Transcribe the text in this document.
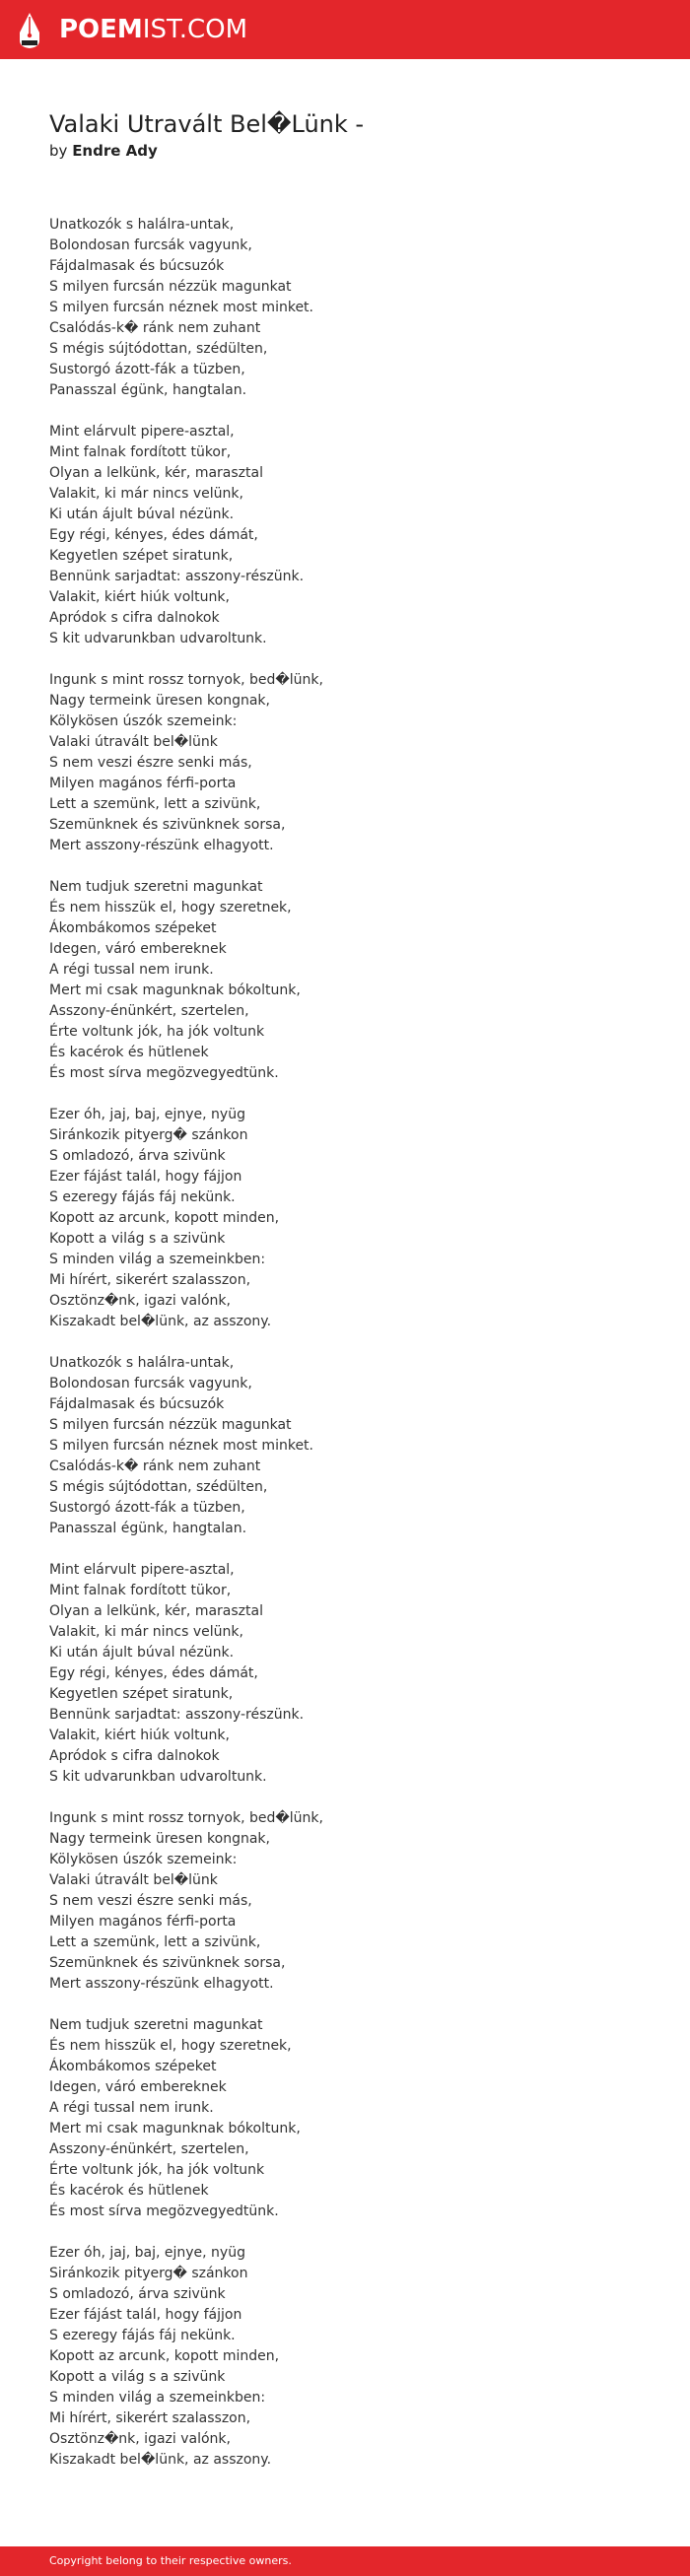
POEMIST.COM
Valaki Utravált Bel�Lünk -
by Endre Ady
Unatkozók s halálra-untak,
Bolondosan furcsák vagyunk,
Fájdalmasak és búcsuzók
S milyen furcsán nézzük magunkat
S milyen furcsán néznek most minket.
Csalódás-k� ránk nem zuhant
S mégis sújtódottan, szédülten,
Sustorgó ázott-fák a tüzben,
Panasszal égünk, hangtalan.
Mint elárvult pipere-asztal,
Mint falnak fordított tükor,
Olyan a lelkünk, kér, marasztal
Valakit, ki már nincs velünk,
Ki után ájult búval nézünk.
Egy régi, kényes, édes dámát,
Kegyetlen szépet siratunk,
Bennünk sarjadtat: asszony-részünk.
Valakit, kiért hiúk voltunk,
Apródok s cifra dalnokok
S kit udvarunkban udvaroltunk.
Ingunk s mint rossz tornyok, bed�lünk,
Nagy termeink üresen kongnak,
Kölykösen úszók szemeink:
Valaki útravált bel�lünk
S nem veszi észre senki más,
Milyen magános férfi-porta
Lett a szemünk, lett a szivünk,
Szemünknek és szivünknek sorsa,
Mert asszony-részünk elhagyott.
Nem tudjuk szeretni magunkat
És nem hisszük el, hogy szeretnek,
Ákombákomos szépeket
Idegen, váró embereknek
A régi tussal nem irunk.
Mert mi csak magunknak bókoltunk,
Asszony-énünkért, szertelen,
Érte voltunk jók, ha jók voltunk
És kacérok és hütlenek
És most sírva megözvegyedtünk.
Ezer óh, jaj, baj, ejnye, nyüg
Siránkozik pityerg� szánkon
S omladozó, árva szivünk
Ezer fájást talál, hogy fájjon
S ezeregy fájás fáj nekünk.
Kopott az arcunk, kopott minden,
Kopott a világ s a szivünk
S minden világ a szemeinkben:
Mi hírért, sikerért szalasszon,
Osztönz�nk, igazi valónk,
Kiszakadt bel�lünk, az asszony.
Unatkozók s halálra-untak,
Bolondosan furcsák vagyunk,
Fájdalmasak és búcsuzók
S milyen furcsán nézzük magunkat
S milyen furcsán néznek most minket.
Csalódás-k� ránk nem zuhant
S mégis sújtódottan, szédülten,
Sustorgó ázott-fák a tüzben,
Panasszal égünk, hangtalan.
Mint elárvult pipere-asztal,
Mint falnak fordított tükor,
Olyan a lelkünk, kér, marasztal
Valakit, ki már nincs velünk,
Ki után ájult búval nézünk.
Egy régi, kényes, édes dámát,
Kegyetlen szépet siratunk,
Bennünk sarjadtat: asszony-részünk.
Valakit, kiért hiúk voltunk,
Apródok s cifra dalnokok
S kit udvarunkban udvaroltunk.
Ingunk s mint rossz tornyok, bed�lünk,
Nagy termeink üresen kongnak,
Kölykösen úszók szemeink:
Valaki útravált bel�lünk
S nem veszi észre senki más,
Milyen magános férfi-porta
Lett a szemünk, lett a szivünk,
Szemünknek és szivünknek sorsa,
Mert asszony-részünk elhagyott.
Nem tudjuk szeretni magunkat
És nem hisszük el, hogy szeretnek,
Ákombákomos szépeket
Idegen, váró embereknek
A régi tussal nem irunk.
Mert mi csak magunknak bókoltunk,
Asszony-énünkért, szertelen,
Érte voltunk jók, ha jók voltunk
És kacérok és hütlenek
És most sírva megözvegyedtünk.
Ezer óh, jaj, baj, ejnye, nyüg
Siránkozik pityerg� szánkon
S omladozó, árva szivünk
Ezer fájást talál, hogy fájjon
S ezeregy fájás fáj nekünk.
Kopott az arcunk, kopott minden,
Kopott a világ s a szivünk
S minden világ a szemeinkben:
Mi hírért, sikerért szalasszon,
Osztönz�nk, igazi valónk,
Kiszakadt bel�lünk, az asszony.
Copyright belong to their respective owners.
